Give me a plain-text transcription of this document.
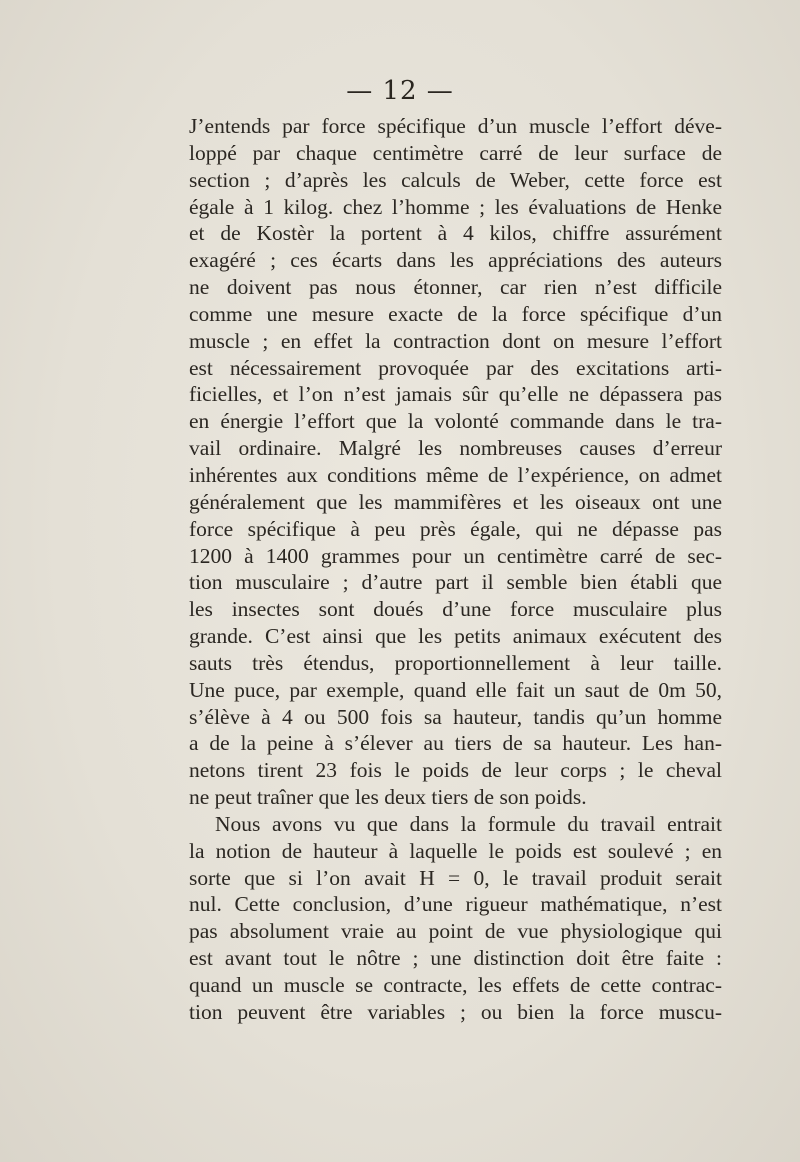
— 12 —
J’entends par force spécifique d’un muscle l’effort déve-
loppé par chaque centimètre carré de leur surface de
section ; d’après les calculs de Weber, cette force est
égale à 1 kilog. chez l’homme ; les évaluations de Henke
et de Kostèr la portent à 4 kilos, chiffre assurément
exagéré ; ces écarts dans les appréciations des auteurs
ne doivent pas nous étonner, car rien n’est difficile
comme une mesure exacte de la force spécifique d’un
muscle ; en effet la contraction dont on mesure l’effort
est nécessairement provoquée par des excitations arti-
ficielles, et l’on n’est jamais sûr qu’elle ne dépassera pas
en énergie l’effort que la volonté commande dans le tra-
vail ordinaire. Malgré les nombreuses causes d’erreur
inhérentes aux conditions même de l’expérience, on admet
généralement que les mammifères et les oiseaux ont une
force spécifique à peu près égale, qui ne dépasse pas
1200 à 1400 grammes pour un centimètre carré de sec-
tion musculaire ; d’autre part il semble bien établi que
les insectes sont doués d’une force musculaire plus
grande. C’est ainsi que les petits animaux exécutent des
sauts très étendus, proportionnellement à leur taille.
Une puce, par exemple, quand elle fait un saut de 0m 50,
s’élève à 4 ou 500 fois sa hauteur, tandis qu’un homme
a de la peine à s’élever au tiers de sa hauteur. Les han-
netons tirent 23 fois le poids de leur corps ; le cheval
ne peut traîner que les deux tiers de son poids.
Nous avons vu que dans la formule du travail entrait
la notion de hauteur à laquelle le poids est soulevé ; en
sorte que si l’on avait H = 0, le travail produit serait
nul. Cette conclusion, d’une rigueur mathématique, n’est
pas absolument vraie au point de vue physiologique qui
est avant tout le nôtre ; une distinction doit être faite :
quand un muscle se contracte, les effets de cette contrac-
tion peuvent être variables ; ou bien la force muscu-
